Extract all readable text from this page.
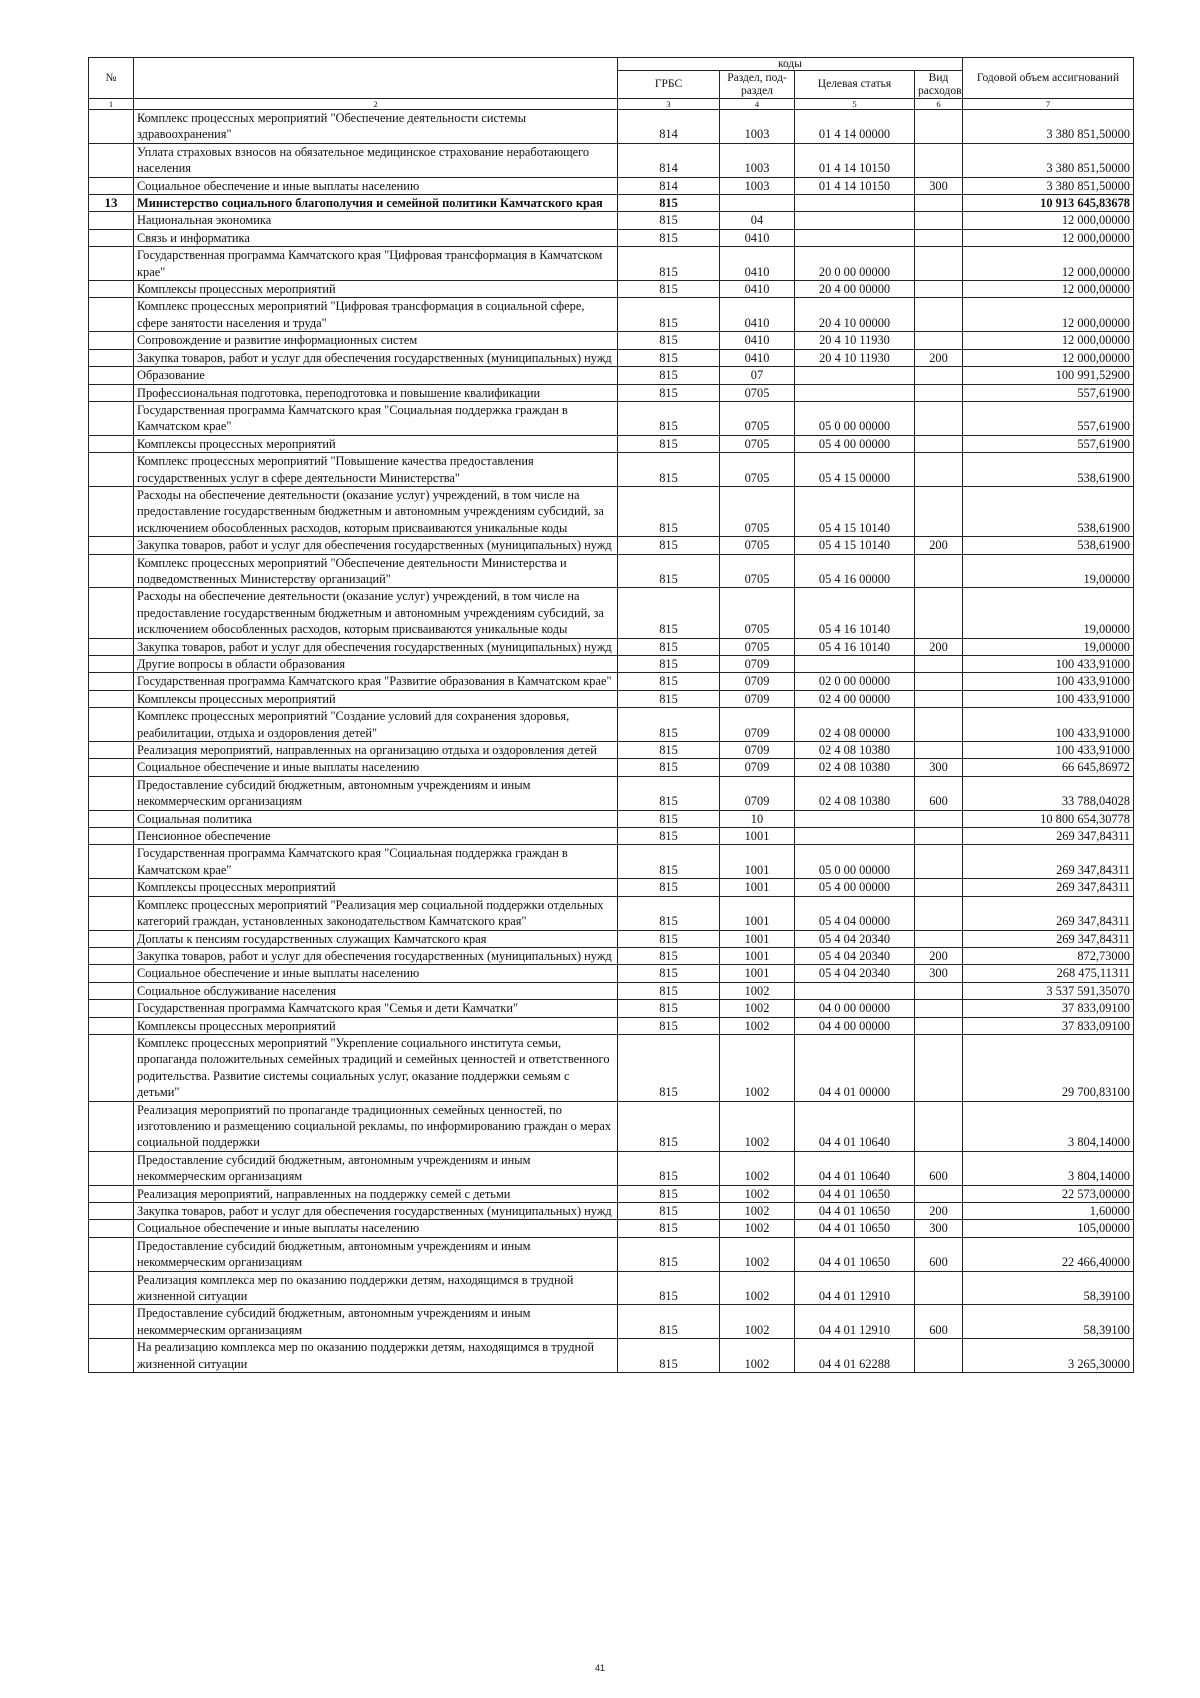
№		коды				Годовой объем ассигнований
		ГРБС	Раздел, под-раздел	Целевая статья	Вид расходов	
1	2	3	4	5	6	7
	Комплекс процессных мероприятий "Обеспечение деятельности системы здравоохранения"	814	1003	01 4 14 00000		3 380 851,50000
	Уплата страховых взносов на обязательное медицинское страхование неработающего населения	814	1003	01 4 14 10150		3 380 851,50000
	Социальное обеспечение и иные выплаты населению	814	1003	01 4 14 10150	300	3 380 851,50000
13	Министерство социального благополучия и семейной политики Камчатского края	815				10 913 645,83678
	Национальная экономика	815	04			12 000,00000
	Связь и информатика	815	0410			12 000,00000
	Государственная программа Камчатского края "Цифровая трансформация в Камчатском крае"	815	0410	20 0 00 00000		12 000,00000
	Комплексы процессных мероприятий	815	0410	20 4 00 00000		12 000,00000
	Комплекс процессных мероприятий "Цифровая трансформация в социальной сфере, сфере занятости населения и труда"	815	0410	20 4 10 00000		12 000,00000
	Сопровождение и развитие информационных систем	815	0410	20 4 10 11930		12 000,00000
	Закупка товаров, работ и услуг для обеспечения государственных (муниципальных) нужд	815	0410	20 4 10 11930	200	12 000,00000
	Образование	815	07			100 991,52900
	Профессиональная подготовка, переподготовка и повышение квалификации	815	0705			557,61900
	Государственная программа Камчатского края "Социальная поддержка граждан в Камчатском крае"	815	0705	05 0 00 00000		557,61900
	Комплексы процессных мероприятий	815	0705	05 4 00 00000		557,61900
	Комплекс процессных мероприятий "Повышение качества предоставления государственных услуг в сфере деятельности Министерства"	815	0705	05 4 15 00000		538,61900
	Расходы на обеспечение деятельности (оказание услуг) учреждений, в том числе на предоставление государственным бюджетным и автономным учреждениям субсидий, за исключением обособленных расходов, которым присваиваются уникальные коды	815	0705	05 4 15 10140		538,61900
	Закупка товаров, работ и услуг для обеспечения государственных (муниципальных) нужд	815	0705	05 4 15 10140	200	538,61900
	Комплекс процессных мероприятий "Обеспечение деятельности Министерства и подведомственных Министерству организаций"	815	0705	05 4 16 00000		19,00000
	Расходы на обеспечение деятельности (оказание услуг) учреждений, в том числе на предоставление государственным бюджетным и автономным учреждениям субсидий, за исключением обособленных расходов, которым присваиваются уникальные коды	815	0705	05 4 16 10140		19,00000
	Закупка товаров, работ и услуг для обеспечения государственных (муниципальных) нужд	815	0705	05 4 16 10140	200	19,00000
	Другие вопросы в области образования	815	0709			100 433,91000
	Государственная программа Камчатского края "Развитие образования в Камчатском крае"	815	0709	02 0 00 00000		100 433,91000
	Комплексы процессных мероприятий	815	0709	02 4 00 00000		100 433,91000
	Комплекс процессных мероприятий "Создание условий для сохранения здоровья, реабилитации, отдыха и оздоровления детей"	815	0709	02 4 08 00000		100 433,91000
	Реализация мероприятий, направленных на организацию отдыха и оздоровления детей	815	0709	02 4 08 10380		100 433,91000
	Социальное обеспечение и иные выплаты населению	815	0709	02 4 08 10380	300	66 645,86972
	Предоставление субсидий бюджетным, автономным учреждениям и иным некоммерческим организациям	815	0709	02 4 08 10380	600	33 788,04028
	Социальная политика	815	10			10 800 654,30778
	Пенсионное обеспечение	815	1001			269 347,84311
	Государственная программа Камчатского края "Социальная поддержка граждан в Камчатском крае"	815	1001	05 0 00 00000		269 347,84311
	Комплексы процессных мероприятий	815	1001	05 4 00 00000		269 347,84311
	Комплекс процессных мероприятий "Реализация мер социальной поддержки отдельных категорий граждан, установленных законодательством Камчатского края"	815	1001	05 4 04 00000		269 347,84311
	Доплаты к пенсиям государственных служащих Камчатского края	815	1001	05 4 04 20340		269 347,84311
	Закупка товаров, работ и услуг для обеспечения государственных (муниципальных) нужд	815	1001	05 4 04 20340	200	872,73000
	Социальное обеспечение и иные выплаты населению	815	1001	05 4 04 20340	300	268 475,11311
	Социальное обслуживание населения	815	1002			3 537 591,35070
	Государственная программа Камчатского края "Семья и дети Камчатки"	815	1002	04 0 00 00000		37 833,09100
	Комплексы процессных мероприятий	815	1002	04 4 00 00000		37 833,09100
	Комплекс процессных мероприятий "Укрепление социального института семьи, пропаганда положительных семейных традиций и семейных ценностей и ответственного родительства. Развитие системы социальных услуг, оказание поддержки семьям с детьми"	815	1002	04 4 01 00000		29 700,83100
	Реализация мероприятий по пропаганде традиционных семейных ценностей, по изготовлению и размещению социальной рекламы, по информированию граждан о мерах социальной поддержки	815	1002	04 4 01 10640		3 804,14000
	Предоставление субсидий бюджетным, автономным учреждениям и иным некоммерческим организациям	815	1002	04 4 01 10640	600	3 804,14000
	Реализация мероприятий, направленных на поддержку семей с детьми	815	1002	04 4 01 10650		22 573,00000
	Закупка товаров, работ и услуг для обеспечения государственных (муниципальных) нужд	815	1002	04 4 01 10650	200	1,60000
	Социальное обеспечение и иные выплаты населению	815	1002	04 4 01 10650	300	105,00000
	Предоставление субсидий бюджетным, автономным учреждениям и иным некоммерческим организациям	815	1002	04 4 01 10650	600	22 466,40000
	Реализация комплекса мер по оказанию поддержки детям, находящимся в трудной жизненной ситуации	815	1002	04 4 01 12910		58,39100
	Предоставление субсидий бюджетным, автономным учреждениям и иным некоммерческим организациям	815	1002	04 4 01 12910	600	58,39100
	На реализацию комплекса мер по оказанию поддержки детям, находящимся в трудной жизненной ситуации	815	1002	04 4 01 62288		3 265,30000
41
